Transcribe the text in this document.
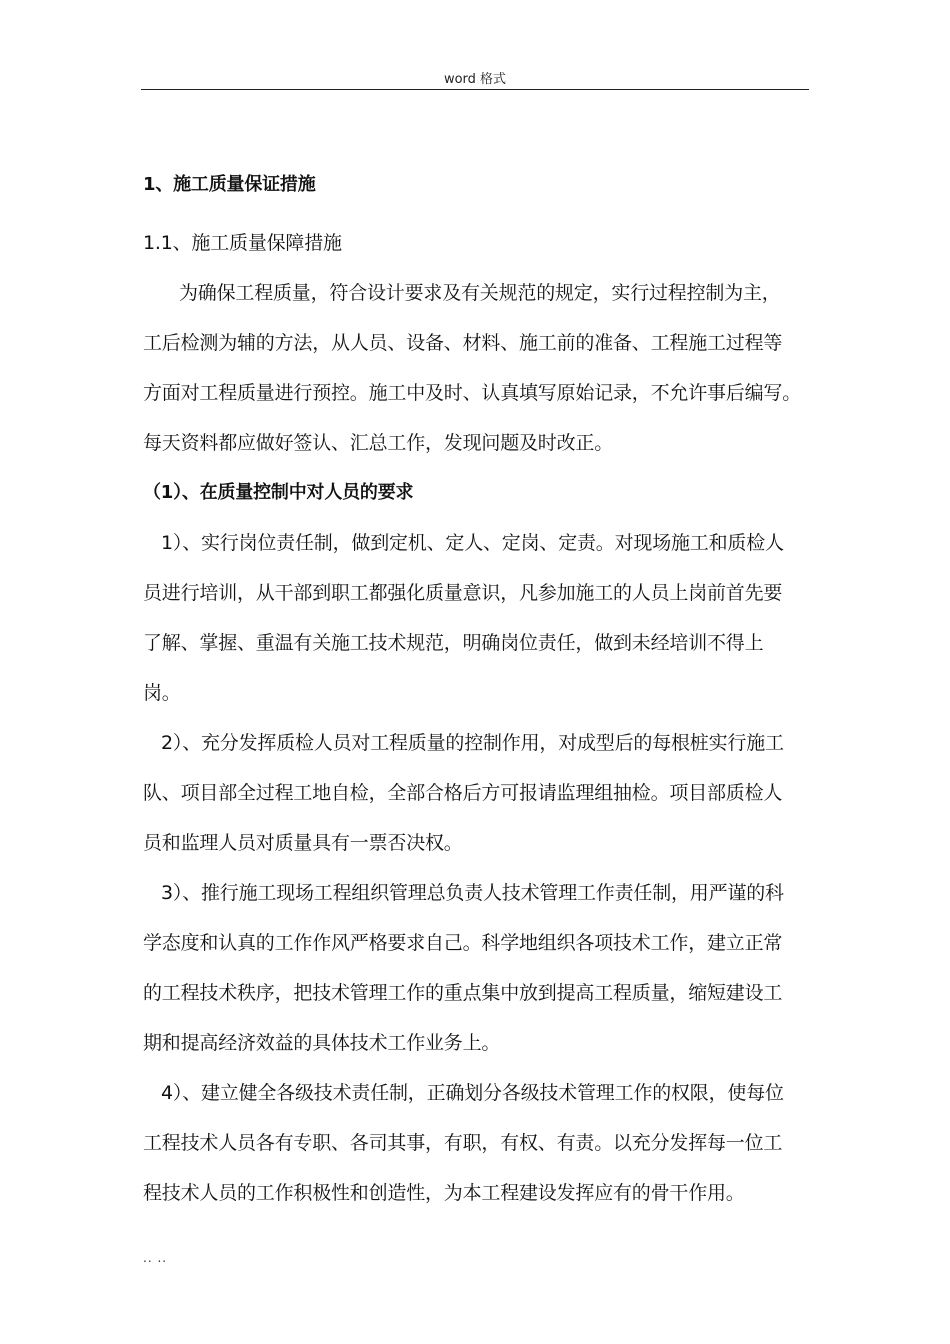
word 格式
1、施工质量保证措施
1.1、施工质量保障措施
为确保工程质量，符合设计要求及有关规范的规定，实行过程控制为主，
工后检测为辅的方法，从人员、设备、材料、施工前的准备、工程施工过程等
方面对工程质量进行预控。施工中及时、认真填写原始记录，不允许事后编写。
每天资料都应做好签认、汇总工作，发现问题及时改正。
（1）、在质量控制中对人员的要求
1）、实行岗位责任制，做到定机、定人、定岗、定责。对现场施工和质检人
员进行培训，从干部到职工都强化质量意识，凡参加施工的人员上岗前首先要
了解、掌握、重温有关施工技术规范，明确岗位责任，做到未经培训不得上
岗。
2）、充分发挥质检人员对工程质量的控制作用，对成型后的每根桩实行施工
队、项目部全过程工地自检，全部合格后方可报请监理组抽检。项目部质检人
员和监理人员对质量具有一票否决权。
3）、推行施工现场工程组织管理总负责人技术管理工作责任制，用严谨的科
学态度和认真的工作作风严格要求自己。科学地组织各项技术工作，建立正常
的工程技术秩序，把技术管理工作的重点集中放到提高工程质量，缩短建设工
期和提高经济效益的具体技术工作业务上。
4）、建立健全各级技术责任制，正确划分各级技术管理工作的权限，使每位
工程技术人员各有专职、各司其事，有职，有权、有责。以充分发挥每一位工
程技术人员的工作积极性和创造性，为本工程建设发挥应有的骨干作用。
.. ..
